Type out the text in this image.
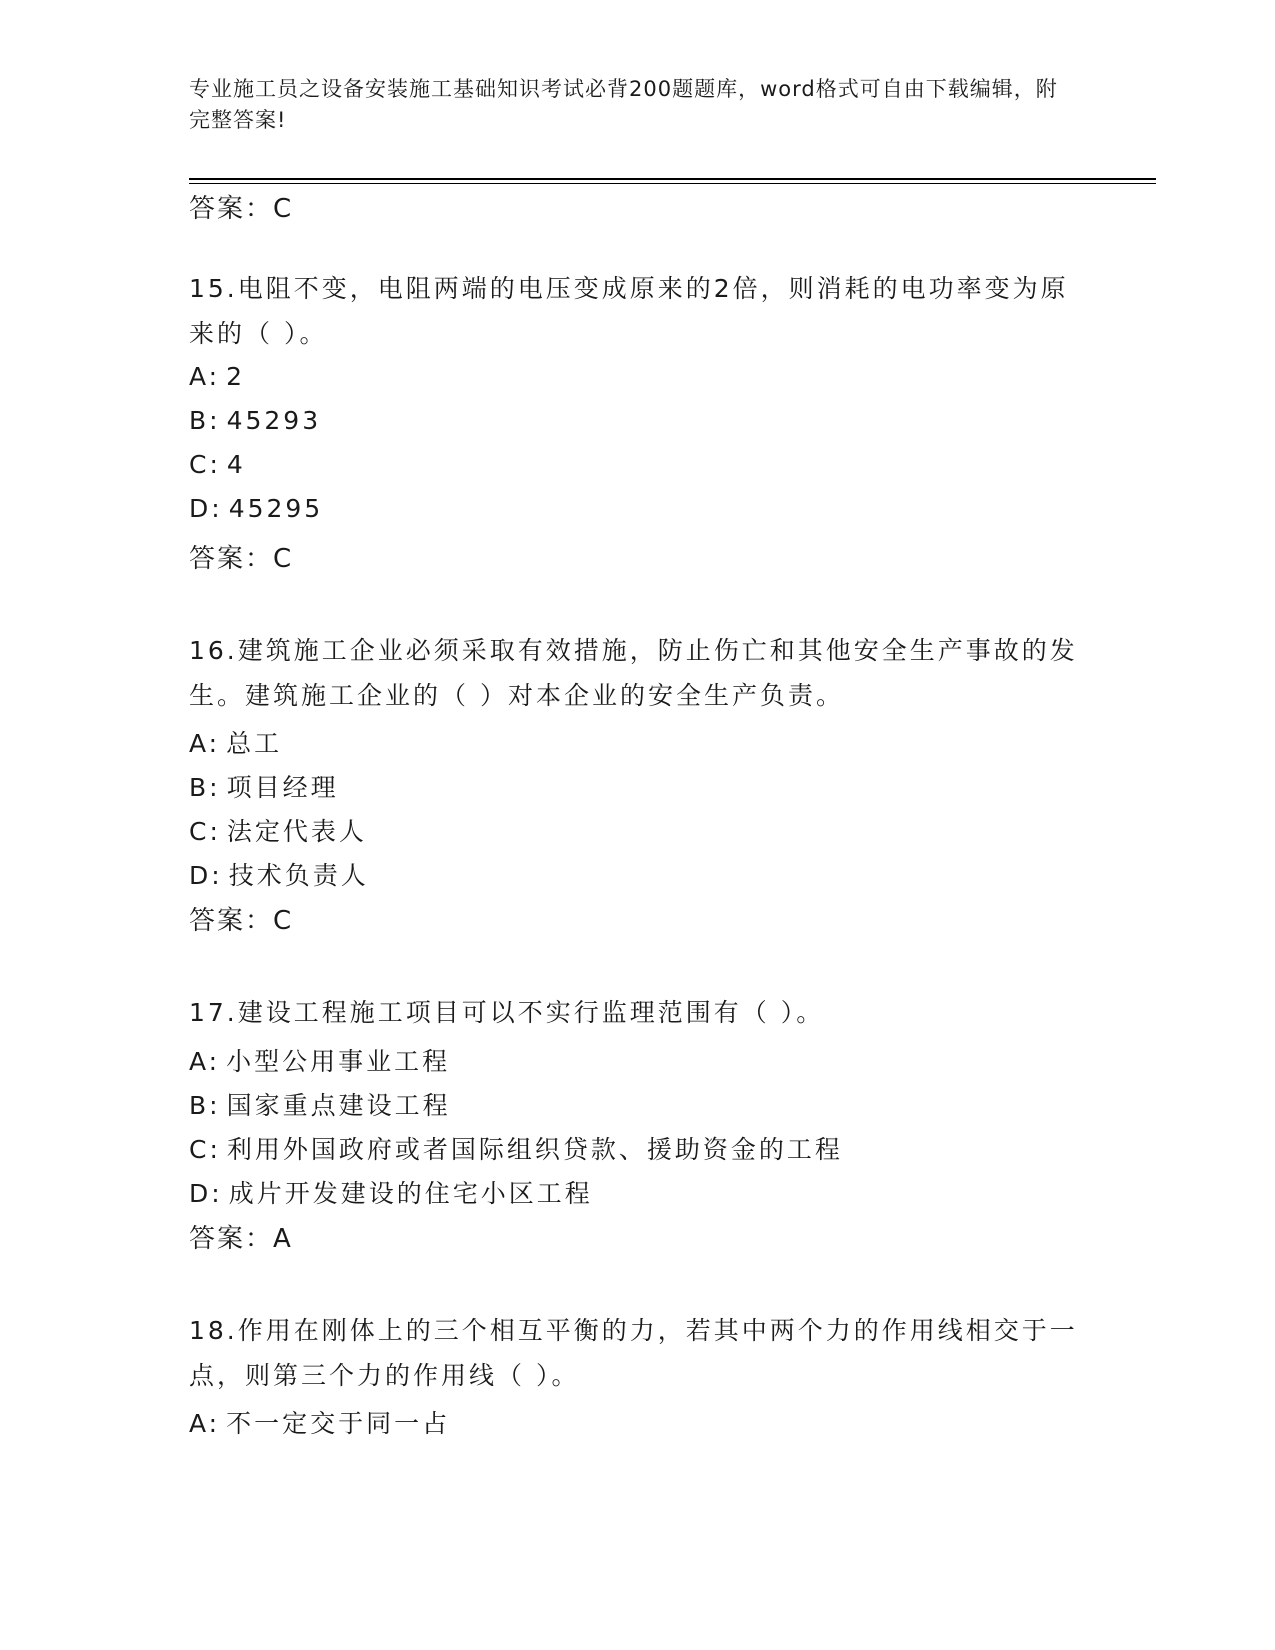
专业施工员之设备安装施工基础知识考试必背200题题库，word格式可自由下载编辑，附完整答案!
答案：C
15.电阻不变，电阻两端的电压变成原来的2倍，则消耗的电功率变为原来的（ ）。
A: 2
B: 45293
C: 4
D: 45295
答案：C
16.建筑施工企业必须采取有效措施，防止伤亡和其他安全生产事故的发生。建筑施工企业的（ ）对本企业的安全生产负责。
A: 总工
B: 项目经理
C: 法定代表人
D: 技术负责人
答案：C
17.建设工程施工项目可以不实行监理范围有（ ）。
A: 小型公用事业工程
B: 国家重点建设工程
C: 利用外国政府或者国际组织贷款、援助资金的工程
D: 成片开发建设的住宅小区工程
答案：A
18.作用在刚体上的三个相互平衡的力，若其中两个力的作用线相交于一点，则第三个力的作用线（ ）。
A: 不一定交于同一占
